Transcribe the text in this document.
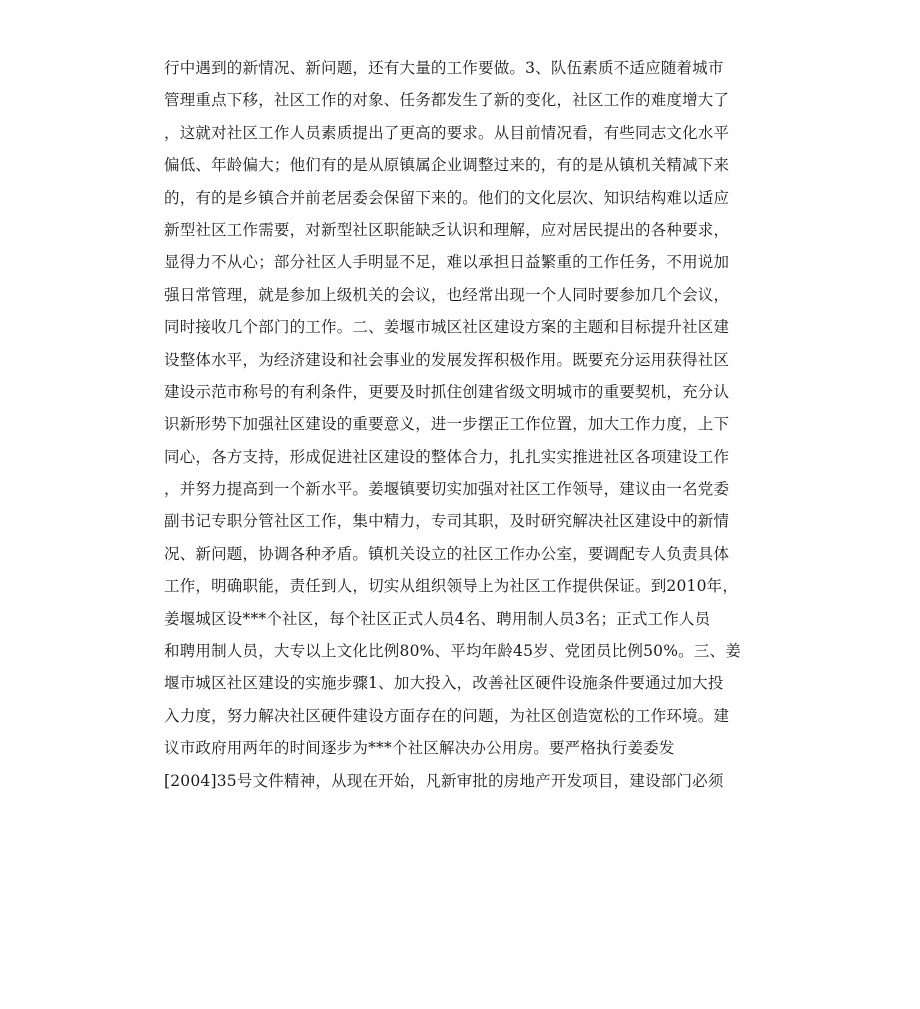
行中遇到的新情况、新问题，还有大量的工作要做。3、队伍素质不适应随着城市
管理重点下移，社区工作的对象、任务都发生了新的变化，社区工作的难度增大了
，这就对社区工作人员素质提出了更高的要求。从目前情况看，有些同志文化水平
偏低、年龄偏大；他们有的是从原镇属企业调整过来的，有的是从镇机关精减下来
的，有的是乡镇合并前老居委会保留下来的。他们的文化层次、知识结构难以适应
新型社区工作需要，对新型社区职能缺乏认识和理解，应对居民提出的各种要求，
显得力不从心；部分社区人手明显不足，难以承担日益繁重的工作任务，不用说加
强日常管理，就是参加上级机关的会议，也经常出现一个人同时要参加几个会议，
同时接收几个部门的工作。二、姜堰市城区社区建设方案的主题和目标提升社区建
设整体水平，为经济建设和社会事业的发展发挥积极作用。既要充分运用获得社区
建设示范市称号的有利条件，更要及时抓住创建省级文明城市的重要契机，充分认
识新形势下加强社区建设的重要意义，进一步摆正工作位置，加大工作力度，上下
同心，各方支持，形成促进社区建设的整体合力，扎扎实实推进社区各项建设工作
，并努力提高到一个新水平。姜堰镇要切实加强对社区工作领导，建议由一名党委
副书记专职分管社区工作，集中精力，专司其职，及时研究解决社区建设中的新情
况、新问题，协调各种矛盾。镇机关设立的社区工作办公室，要调配专人负责具体
工作，明确职能，责任到人，切实从组织领导上为社区工作提供保证。到2010年，
姜堰城区设***个社区，每个社区正式人员4名、聘用制人员3名；正式工作人员
和聘用制人员，大专以上文化比例80%、平均年龄45岁、党团员比例50%。三、姜
堰市城区社区建设的实施步骤1、加大投入，改善社区硬件设施条件要通过加大投
入力度，努力解决社区硬件建设方面存在的问题，为社区创造宽松的工作环境。建
议市政府用两年的时间逐步为***个社区解决办公用房。要严格执行姜委发
[2004]35号文件精神，从现在开始，凡新审批的房地产开发项目，建设部门必须
